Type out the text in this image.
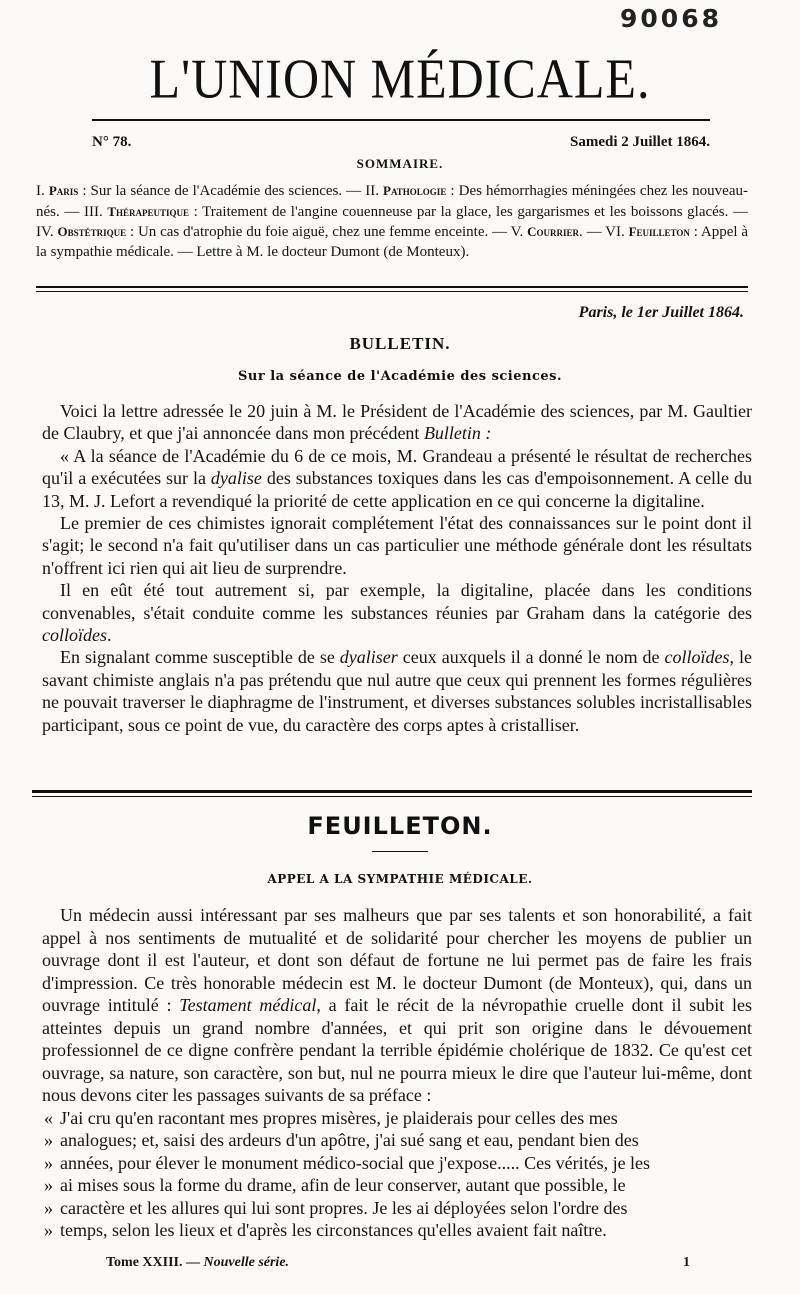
90068
L'UNION MÉDICALE.
N° 78.	Samedi 2 Juillet 1864.
SOMMAIRE.
I. Paris : Sur la séance de l'Académie des sciences. — II. Pathologie : Des hémorrhagies méningées chez les nouveau-nés. — III. Thérapeutique : Traitement de l'angine couenneuse par la glace, les gargarismes et les boissons glacés. — IV. Obstétrique : Un cas d'atrophie du foie aiguë, chez une femme enceinte. — V. Courrier. — VI. Feuilleton : Appel à la sympathie médicale. — Lettre à M. le docteur Dumont (de Monteux).
Paris, le 1er Juillet 1864.
BULLETIN.
Sur la séance de l'Académie des sciences.

Voici la lettre adressée le 20 juin à M. le Président de l'Académie des sciences, par M. Gaultier de Claubry, et que j'ai annoncée dans mon précédent Bulletin :

« A la séance de l'Académie du 6 de ce mois, M. Grandeau a présenté le résultat de recherches qu'il a exécutées sur la dyalise des substances toxiques dans les cas d'empoisonnement. A celle du 13, M. J. Lefort a revendiqué la priorité de cette application en ce qui concerne la digitaline.

Le premier de ces chimistes ignorait complétement l'état des connaissances sur le point dont il s'agit; le second n'a fait qu'utiliser dans un cas particulier une méthode générale dont les résultats n'offrent ici rien qui ait lieu de surprendre.

Il en eût été tout autrement si, par exemple, la digitaline, placée dans les conditions convenables, s'était conduite comme les substances réunies par Graham dans la catégorie des colloïdes.

En signalant comme susceptible de se dyaliser ceux auxquels il a donné le nom de colloïdes, le savant chimiste anglais n'a pas prétendu que nul autre que ceux qui prennent les formes régulières ne pouvait traverser le diaphragme de l'instrument, et diverses substances solubles incristallisables participant, sous ce point de vue, du caractère des corps aptes à cristalliser.

FEUILLETON.
APPEL A LA SYMPATHIE MÉDICALE.

Un médecin aussi intéressant par ses malheurs que par ses talents et son honorabilité, a fait appel à nos sentiments de mutualité et de solidarité pour chercher les moyens de publier un ouvrage dont il est l'auteur, et dont son défaut de fortune ne lui permet pas de faire les frais d'impression. Ce très honorable médecin est M. le docteur Dumont (de Monteux), qui, dans un ouvrage intitulé : Testament médical, a fait le récit de la névropathie cruelle dont il subit les atteintes depuis un grand nombre d'années, et qui prit son origine dans le dévouement professionnel de ce digne confrère pendant la terrible épidémie cholérique de 1832. Ce qu'est cet ouvrage, sa nature, son caractère, son but, nul ne pourra mieux le dire que l'auteur lui-même, dont nous devons citer les passages suivants de sa préface :

« J'ai cru qu'en racontant mes propres misères, je plaiderais pour celles des mes

» analogues; et, saisi des ardeurs d'un apôtre, j'ai sué sang et eau, pendant bien des

» années, pour élever le monument médico-social que j'expose..... Ces vérités, je les

» ai mises sous la forme du drame, afin de leur conserver, autant que possible, le

» caractère et les allures qui lui sont propres. Je les ai déployées selon l'ordre des

» temps, selon les lieux et d'après les circonstances qu'elles avaient fait naître.

Tome XXIII. — Nouvelle série.	1
